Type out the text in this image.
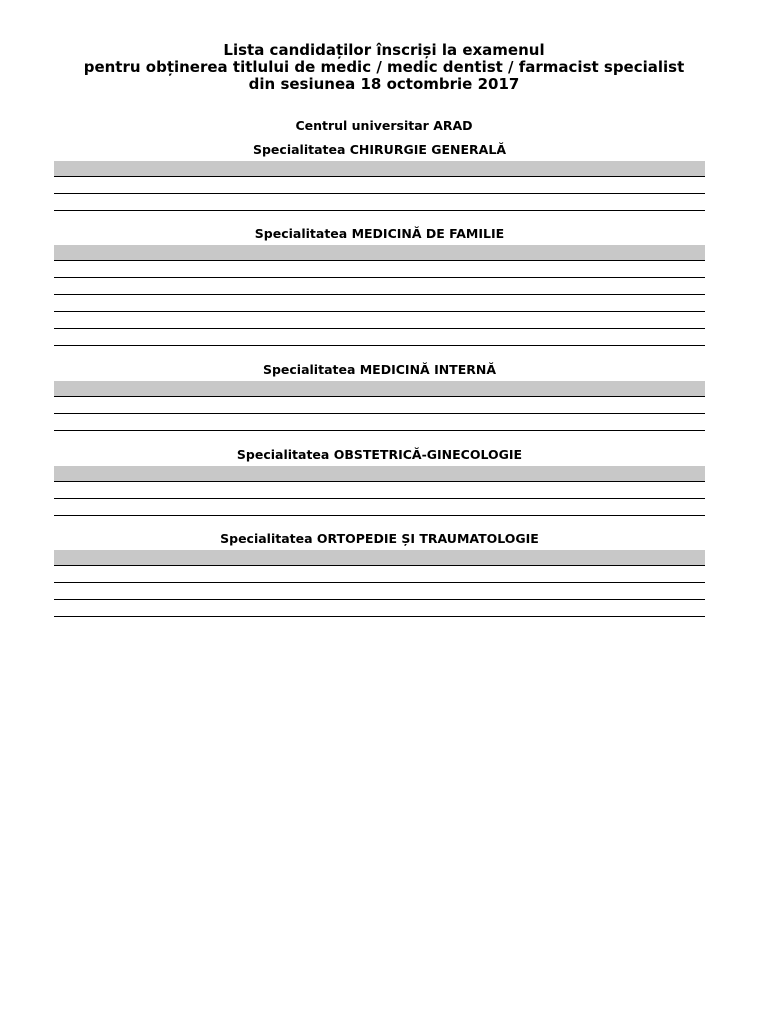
Lista candidaților înscriși la examenul
pentru obținerea titlului de medic / medic dentist / farmacist specialist
din sesiunea 18 octombrie 2017
Centrul universitar ARAD
Specialitatea CHIRURGIE GENERALĂ
Specialitatea MEDICINĂ DE FAMILIE
Specialitatea MEDICINĂ INTERNĂ
Specialitatea OBSTETRICĂ-GINECOLOGIE
Specialitatea ORTOPEDIE ȘI TRAUMATOLOGIE
